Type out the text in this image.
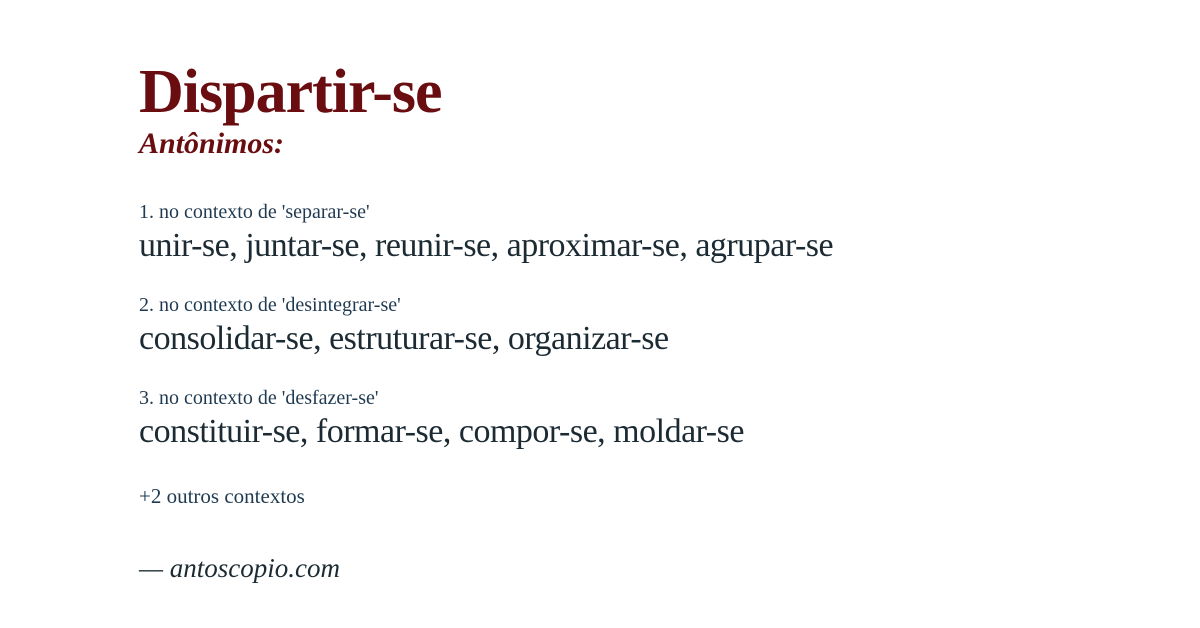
Dispartir-se
Antônimos:
1. no contexto de 'separar-se'
unir-se, juntar-se, reunir-se, aproximar-se, agrupar-se
2. no contexto de 'desintegrar-se'
consolidar-se, estruturar-se, organizar-se
3. no contexto de 'desfazer-se'
constituir-se, formar-se, compor-se, moldar-se
+2 outros contextos
— antoscopio.com
